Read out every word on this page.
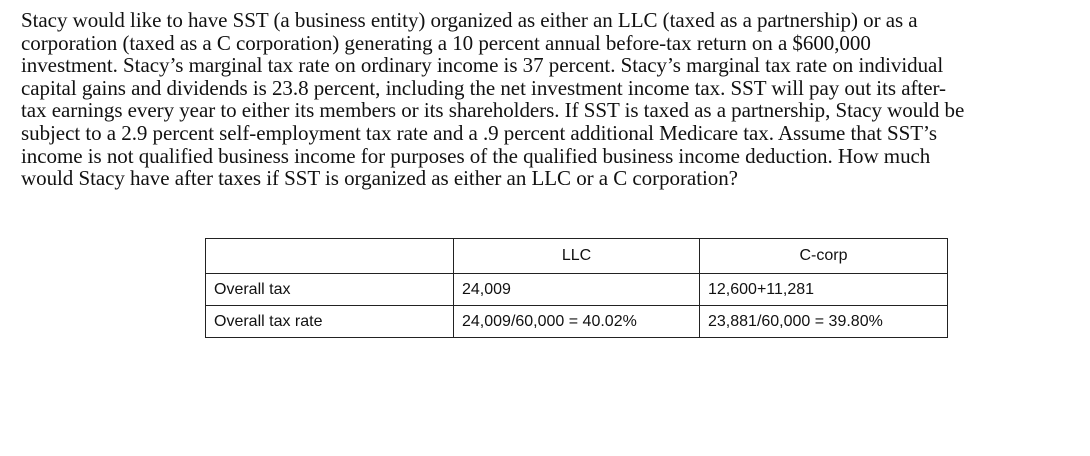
Stacy would like to have SST (a business entity) organized as either an LLC (taxed as a partnership) or as a
corporation (taxed as a C corporation) generating a 10 percent annual before-tax return on a $600,000
investment. Stacy’s marginal tax rate on ordinary income is 37 percent. Stacy’s marginal tax rate on individual
capital gains and dividends is 23.8 percent, including the net investment income tax. SST will pay out its after-
tax earnings every year to either its members or its shareholders. If SST is taxed as a partnership, Stacy would be
subject to a 2.9 percent self-employment tax rate and a .9 percent additional Medicare tax. Assume that SST’s
income is not qualified business income for purposes of the qualified business income deduction. How much
would Stacy have after taxes if SST is organized as either an LLC or a C corporation?

	LLC	C-corp
Overall tax	24,009	12,600+11,281
Overall tax rate	24,009/60,000 = 40.02%	23,881/60,000 = 39.80%
